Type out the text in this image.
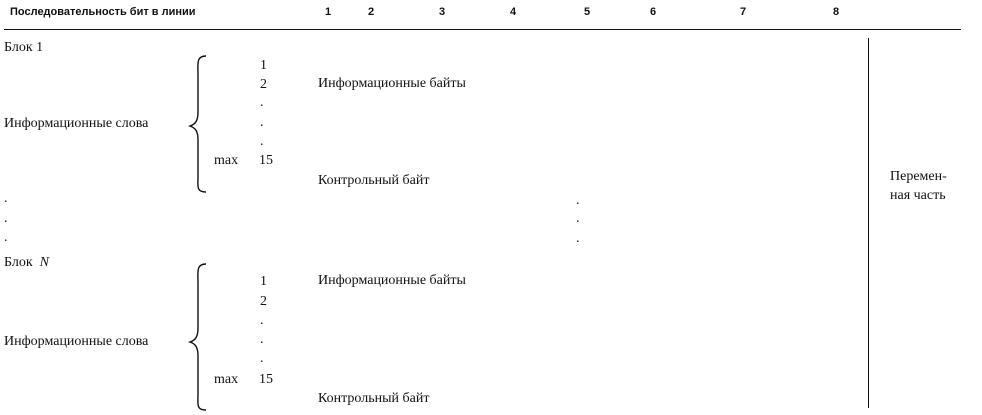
Последовательность бит в линии	1	2	3	4	5	6	7	8
Блок 1
Информационные слова
1
2	Информационные байты
.
.
.
max 15
Контрольный байт
.
.
.
.
.
.
Блок N
Информационные слова
1	Информационные байты
2
.
.
.
max 15
Контрольный байт
Перемен-
ная часть
